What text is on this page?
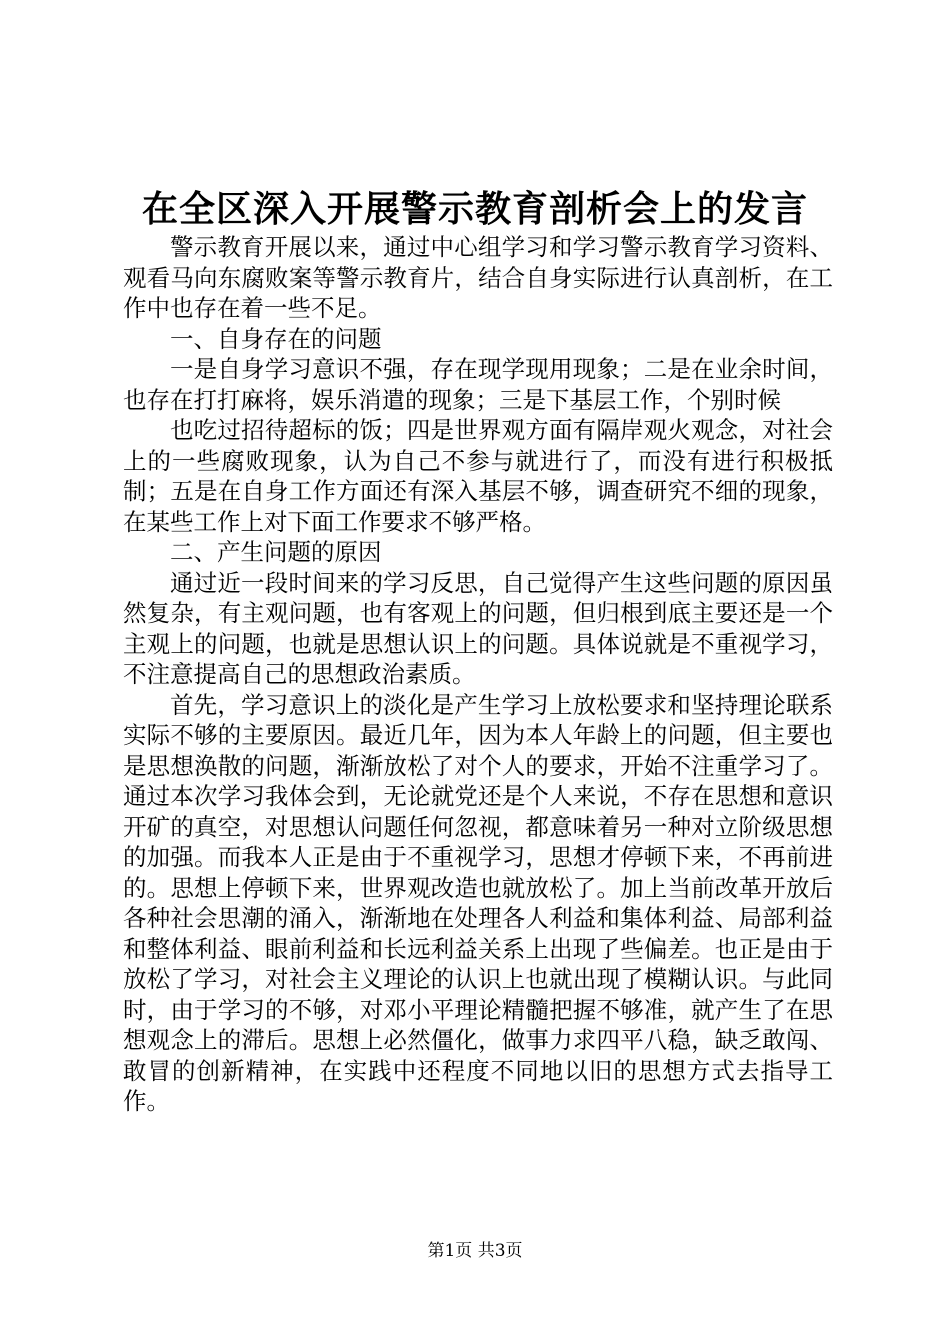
在全区深入开展警示教育剖析会上的发言

警示教育开展以来，通过中心组学习和学习警示教育学习资料、观看马向东腐败案等警示教育片，结合自身实际进行认真剖析，在工作中也存在着一些不足。

一、自身存在的问题

一是自身学习意识不强，存在现学现用现象；二是在业余时间，也存在打打麻将，娱乐消遣的现象；三是下基层工作，个别时候

也吃过招待超标的饭；四是世界观方面有隔岸观火观念，对社会上的一些腐败现象，认为自己不参与就进行了，而没有进行积极抵制；五是在自身工作方面还有深入基层不够，调查研究不细的现象，在某些工作上对下面工作要求不够严格。

二、产生问题的原因

通过近一段时间来的学习反思，自己觉得产生这些问题的原因虽然复杂，有主观问题，也有客观上的问题，但归根到底主要还是一个主观上的问题，也就是思想认识上的问题。具体说就是不重视学习，不注意提高自己的思想政治素质。

首先，学习意识上的淡化是产生学习上放松要求和坚持理论联系实际不够的主要原因。最近几年，因为本人年龄上的问题，但主要也是思想涣散的问题，渐渐放松了对个人的要求，开始不注重学习了。通过本次学习我体会到，无论就党还是个人来说，不存在思想和意识开矿的真空，对思想认问题任何忽视，都意味着另一种对立阶级思想的加强。而我本人正是由于不重视学习，思想才停顿下来，不再前进的。思想上停顿下来，世界观改造也就放松了。加上当前改革开放后各种社会思潮的涌入，渐渐地在处理各人利益和集体利益、局部利益和整体利益、眼前利益和长远利益关系上出现了些偏差。也正是由于放松了学习，对社会主义理论的认识上也就出现了模糊认识。与此同时，由于学习的不够，对邓小平理论精髓把握不够准，就产生了在思想观念上的滞后。思想上必然僵化，做事力求四平八稳，缺乏敢闯、敢冒的创新精神，在实践中还程度不同地以旧的思想方式去指导工作。

第1页 共3页
